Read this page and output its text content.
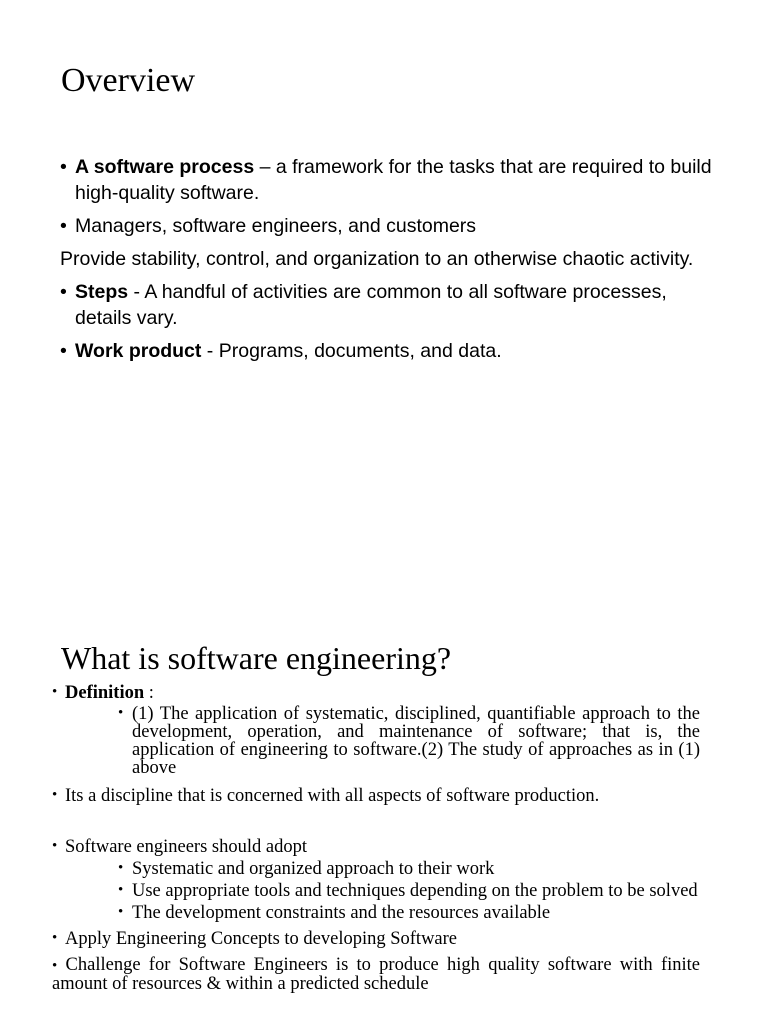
Overview
• A software process – a framework for the tasks that are required to build high-quality software.
• Managers, software engineers, and customers
Provide stability, control, and organization to an otherwise chaotic activity.
• Steps - A handful of activities are common to all software processes, details vary.
• Work product - Programs, documents, and data.
What is software engineering?
• Definition :
• (1) The application of systematic, disciplined, quantifiable approach to the development, operation, and maintenance of software; that is, the application of engineering to software.(2) The study of approaches as in (1) above
• Its a discipline that is concerned with all aspects of software production.
• Software engineers should adopt
• Systematic and organized approach to their work
• Use appropriate tools and techniques depending on the problem to be solved
• The development constraints and the resources available
• Apply Engineering Concepts to developing Software
• Challenge for Software Engineers is to produce high quality software with finite amount of resources & within a predicted schedule
